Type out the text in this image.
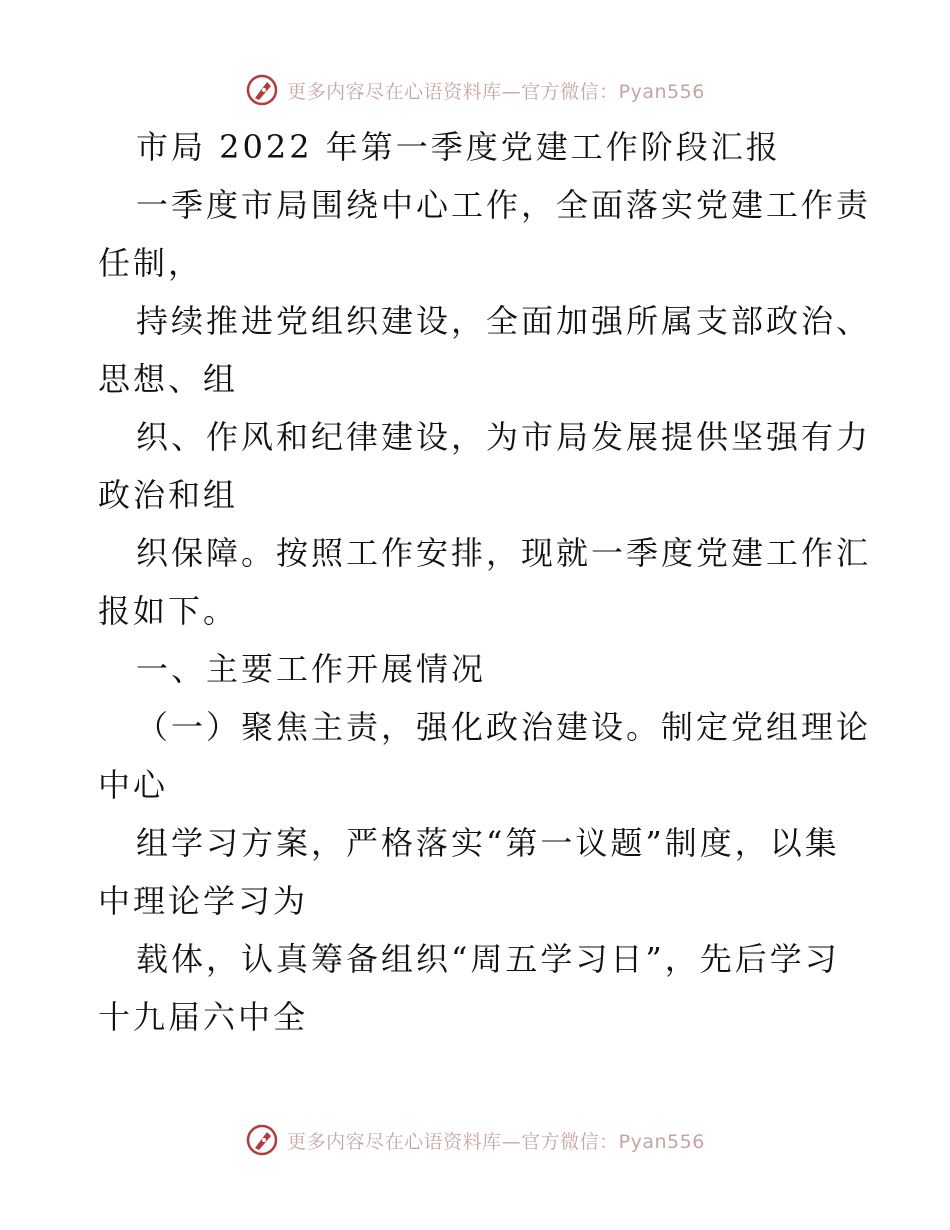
更多内容尽在心语资料库—官方微信：Pyan556
市局 2022 年第一季度党建工作阶段汇报
一季度市局围绕中心工作，全面落实党建工作责
任制，
持续推进党组织建设，全面加强所属支部政治、
思想、组
织、作风和纪律建设，为市局发展提供坚强有力
政治和组
织保障。按照工作安排，现就一季度党建工作汇
报如下。
一、主要工作开展情况
（一）聚焦主责，强化政治建设。制定党组理论
中心
组学习方案，严格落实“第一议题”制度，以集
中理论学习为
载体，认真筹备组织“周五学习日”，先后学习
十九届六中全
更多内容尽在心语资料库—官方微信：Pyan556
